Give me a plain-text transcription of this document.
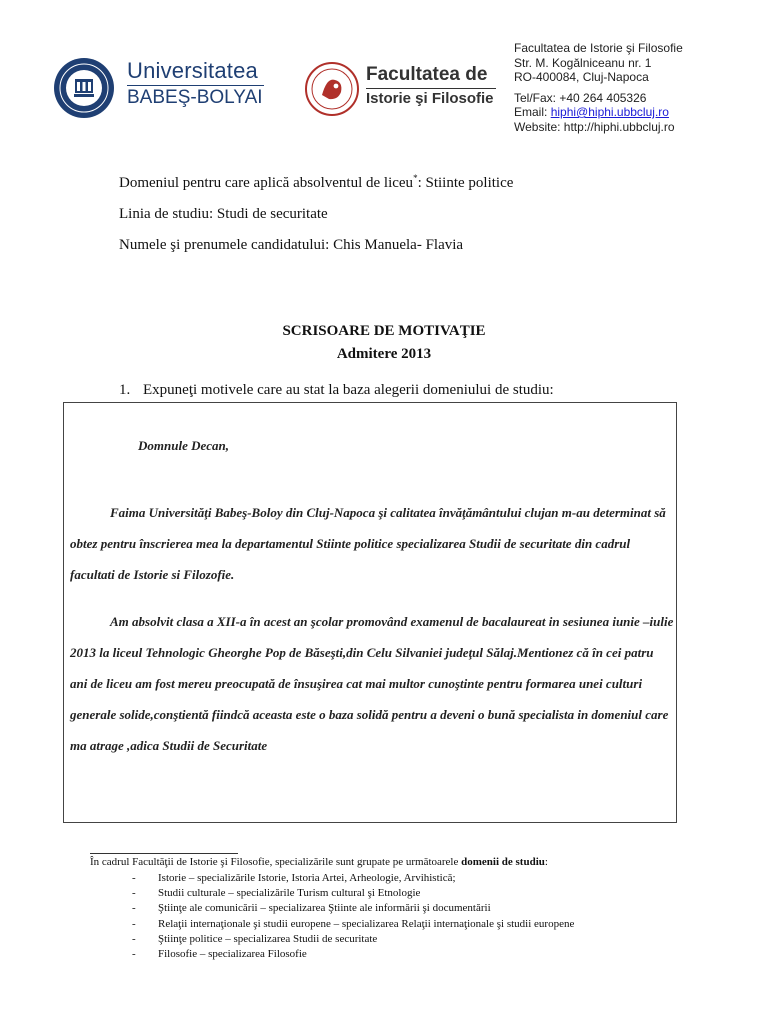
Universitatea
BABEŞ-BOLYAI
Facultatea de
Istorie şi Filosofie
Facultatea de Istorie şi Filosofie
Str. M. Kogălniceanu nr. 1
RO-400084, Cluj-Napoca
Tel/Fax: +40 264 405326
Email: hiphi@hiphi.ubbcluj.ro
Website: http://hiphi.ubbcluj.ro
Domeniul pentru care aplică absolventul de liceu*: Stiinte politice
Linia de studiu: Studi de securitate
Numele şi prenumele candidatului: Chis Manuela- Flavia
SCRISOARE DE MOTIVAŢIE
Admitere 2013
1. Expuneţi motivele care au stat la baza alegerii domeniului de studiu:
Domnule Decan,
Faima Universităţi Babeş-Boloy din Cluj-Napoca şi calitatea învăţământului clujan m-au determinat să obtez pentru înscrierea mea la departamentul Stiinte politice specializarea Studii de securitate din cadrul facultati de Istorie si Filozofie.
Am absolvit clasa a XII-a în acest an şcolar promovând examenul de bacalaureat in sesiunea iunie –iulie 2013 la liceul Tehnologic Gheorghe Pop de Băseşti,din Celu Silvaniei judeţul Sălaj.Mentionez că în cei patru ani de liceu am fost mereu preocupată de însuşirea cat mai multor cunoştinte pentru formarea unei culturi generale solide,conştientă fiindcă aceasta este o baza solidă pentru a deveni o bună specialista in domeniul care ma atrage ,adica Studii de Securitate
În cadrul Facultăţii de Istorie şi Filosofie, specializările sunt grupate pe următoarele domenii de studiu:
- Istorie – specializările Istorie, Istoria Artei, Arheologie, Arvihistică;
- Studii culturale – specializările Turism cultural şi Etnologie
- Ştiinţe ale comunicării – specializarea Ştiinte ale informării şi documentării
- Relaţii internaţionale şi studii europene – specializarea Relaţii internaţionale şi studii europene
- Ştiinţe politice – specializarea Studii de securitate
- Filosofie – specializarea Filosofie
